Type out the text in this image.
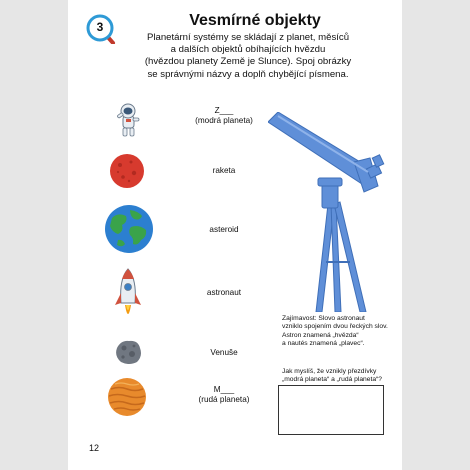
3	Vesmírné objekty
Planetární systémy se skládají z planet, měsíců
a dalších objektů obíhajících hvězdu
(hvězdou planety Země je Slunce). Spoj obrázky
se správnými názvy a doplň chybějící písmena.
Z___
(modrá planeta)
raketa
asteroid
astronaut
Venuše
M___
(rudá planeta)
Zajímavost: Slovo astronaut
vzniklo spojením dvou řeckých slov.
Astron znamená „hvězda“
a nautés znamená „plavec“.
Jak myslíš, že vznikly přezdívky
„modrá planeta“ a „rudá planeta“?
12
